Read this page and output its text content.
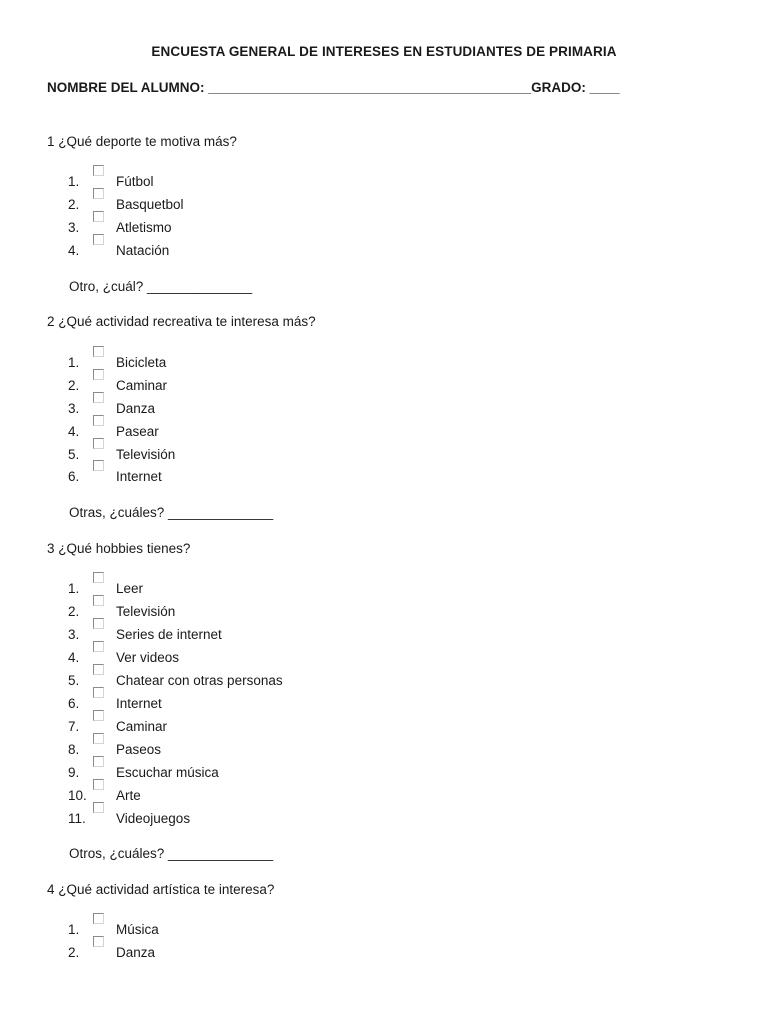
ENCUESTA GENERAL DE INTERESES EN ESTUDIANTES DE PRIMARIA
NOMBRE DEL ALUMNO: ___________________________________________GRADO: ____
1 ¿Qué deporte te motiva más?
1.	Fútbol
2.	Basquetbol
3.	Atletismo
4.	Natación
Otro, ¿cuál? ______________
2 ¿Qué actividad recreativa te interesa más?
1.	Bicicleta
2.	Caminar
3.	Danza
4.	Pasear
5.	Televisión
6.	Internet
Otras, ¿cuáles? ______________
3 ¿Qué hobbies tienes?
1.	Leer
2.	Televisión
3.	Series de internet
4.	Ver videos
5.	Chatear con otras personas
6.	Internet
7.	Caminar
8.	Paseos
9.	Escuchar música
10.	Arte
11.	Videojuegos
Otros, ¿cuáles? ______________
4 ¿Qué actividad artística te interesa?
1.	Música
2.	Danza
